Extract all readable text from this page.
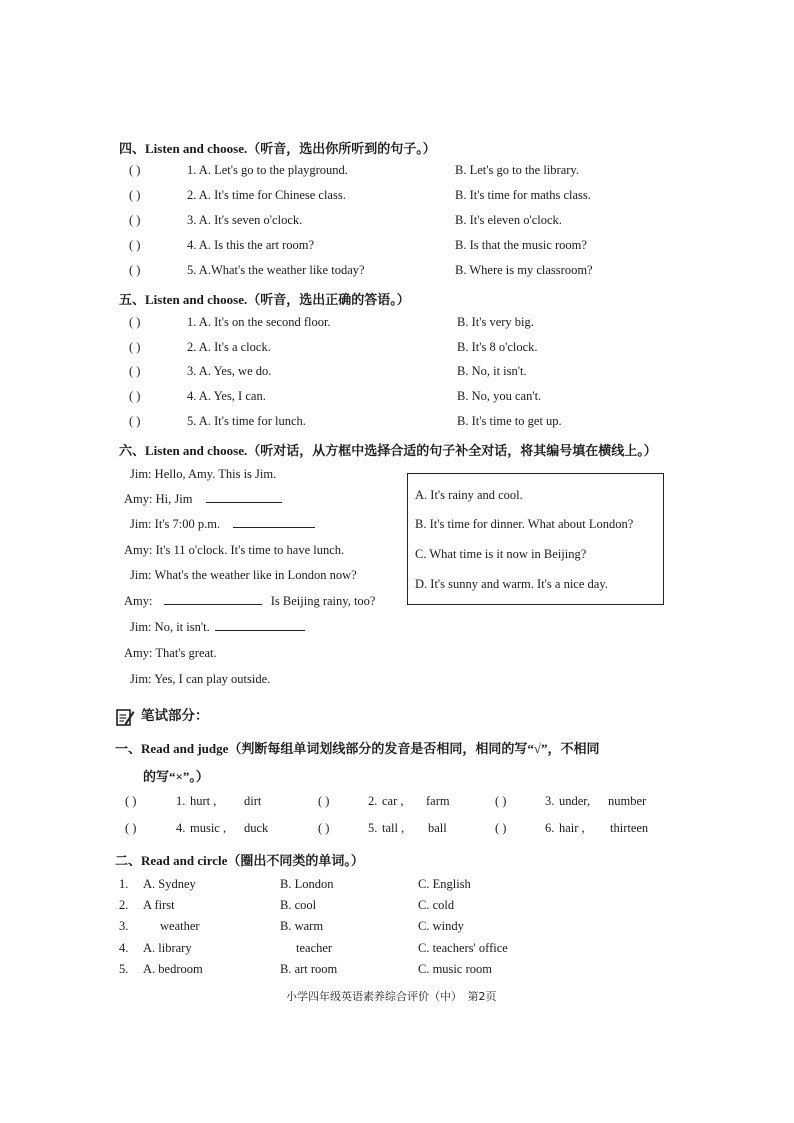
四、Listen and choose.（听音，选出你所听到的句子。）
( )	1. A. Let's go to the playground.	B. Let's go to the library.
( )	2. A. It's time for Chinese class.	B. It's time for maths class.
( )	3. A. It's seven o'clock.	B. It's eleven o'clock.
( )	4. A. Is this the art room?	B. Is that the music room?
( )	5. A.What's the weather like today?	B. Where is my classroom?
五、Listen and choose.（听音，选出正确的答语。）
( )	1. A. It's on the second floor.	B. It's very big.
( )	2. A. It's a clock.	B. It's 8 o'clock.
( )	3. A. Yes, we do.	B. No, it isn't.
( )	4. A. Yes, I can.	B. No, you can't.
( )	5. A. It's time for lunch.	B. It's time to get up.
六、Listen and choose.（听对话，从方框中选择合适的句子补全对话，将其编号填在横线上。）
Jim: Hello, Amy. This is Jim.
Amy: Hi, Jim
Jim: It's 7:00 p.m.
Amy: It's 11 o'clock. It's time to have lunch.
Jim: What's the weather like in London now?
Amy:	Is Beijing rainy, too?
Jim: No, it isn't.
Amy: That's great.
Jim: Yes, I can play outside.
A. It's rainy and cool.
B. It's time for dinner. What about London?
C. What time is it now in Beijing?
D. It's sunny and warm. It's a nice day.
笔试部分：
一、Read and judge（判断每组单词划线部分的发音是否相同，相同的写“√”，不相同
的写“×”。）
( )	1. hurt , dirt	( )	2. car , farm	( )	3. under, number
( )	4. music , duck	( )	5. tall , ball	( )	6. hair , thirteen
二、Read and circle（圈出不同类的单词。）
1. A. Sydney	B. London	C. English
2. A first	B. cool	C. cold
3.	weather	B. warm	C. windy
4. A. library	teacher	C. teachers' office
5. A. bedroom	B. art room	C. music room
小学四年级英语素养综合评价（中）　第2页
